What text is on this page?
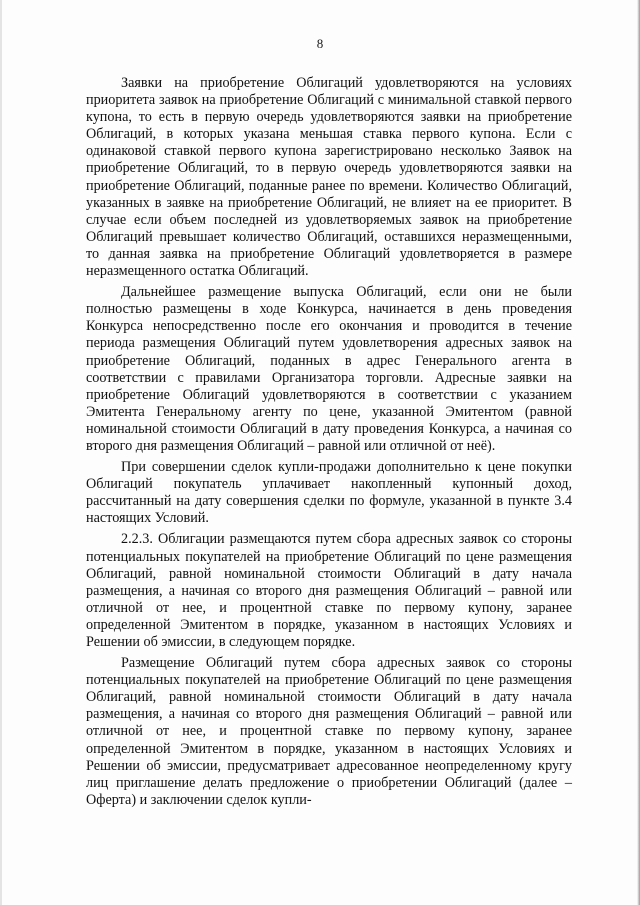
8

Заявки на приобретение Облигаций удовлетворяются на условиях приоритета заявок на приобретение Облигаций с минимальной ставкой первого купона, то есть в первую очередь удовлетворяются заявки на приобретение Облигаций, в которых указана меньшая ставка первого купона. Если с одинаковой ставкой первого купона зарегистрировано несколько Заявок на приобретение Облигаций, то в первую очередь удовлетворяются заявки на приобретение Облигаций, поданные ранее по времени. Количество Облигаций, указанных в заявке на приобретение Облигаций, не влияет на ее приоритет. В случае если объем последней из удовлетворяемых заявок на приобретение Облигаций превышает количество Облигаций, оставшихся неразмещенными, то данная заявка на приобретение Облигаций удовлетворяется в размере неразмещенного остатка Облигаций.

Дальнейшее размещение выпуска Облигаций, если они не были полностью размещены в ходе Конкурса, начинается в день проведения Конкурса непосредственно после его окончания и проводится в течение периода размещения Облигаций путем удовлетворения адресных заявок на приобретение Облигаций, поданных в адрес Генерального агента в соответствии с правилами Организатора торговли. Адресные заявки на приобретение Облигаций удовлетворяются в соответствии с указанием Эмитента Генеральному агенту по цене, указанной Эмитентом (равной номинальной стоимости Облигаций в дату проведения Конкурса, а начиная со второго дня размещения Облигаций – равной или отличной от неё).

При совершении сделок купли-продажи дополнительно к цене покупки Облигаций покупатель уплачивает накопленный купонный доход, рассчитанный на дату совершения сделки по формуле, указанной в пункте 3.4 настоящих Условий.

2.2.3. Облигации размещаются путем сбора адресных заявок со стороны потенциальных покупателей на приобретение Облигаций по цене размещения Облигаций, равной номинальной стоимости Облигаций в дату начала размещения, а начиная со второго дня размещения Облигаций – равной или отличной от нее, и процентной ставке по первому купону, заранее определенной Эмитентом в порядке, указанном в настоящих Условиях и Решении об эмиссии, в следующем порядке.

Размещение Облигаций путем сбора адресных заявок со стороны потенциальных покупателей на приобретение Облигаций по цене размещения Облигаций, равной номинальной стоимости Облигаций в дату начала размещения, а начиная со второго дня размещения Облигаций – равной или отличной от нее, и процентной ставке по первому купону, заранее определенной Эмитентом в порядке, указанном в настоящих Условиях и Решении об эмиссии, предусматривает адресованное неопределенному кругу лиц приглашение делать предложение о приобретении Облигаций (далее – Оферта) и заключении сделок купли-
